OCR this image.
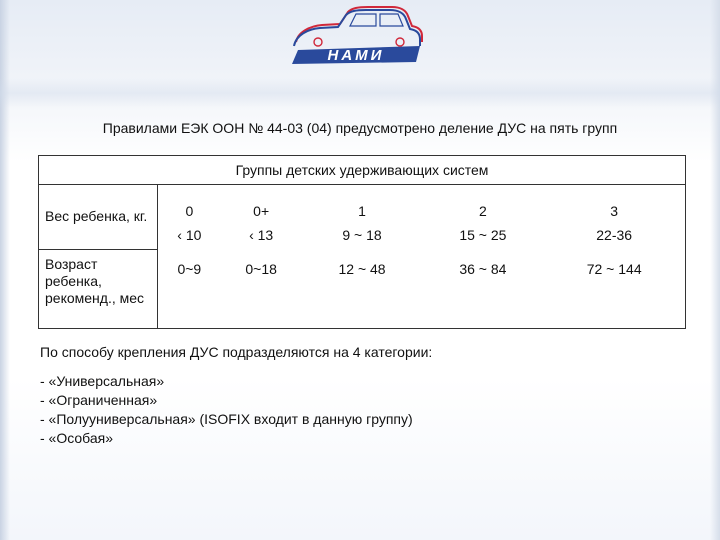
НАМИ
Правилами ЕЭК ООН № 44-03 (04) предусмотрено деление ДУС на пять групп
Группы детских удерживающих систем					
Вес ребенка, кг.	0	0+	1	2	3
	‹ 10	‹ 13	9 ~ 18	15 ~ 25	22-36
Возраст ребенка, рекоменд., мес	0~9	0~18	12 ~ 48	36 ~ 84	72 ~ 144
По способу крепления ДУС подразделяются на 4 категории:
- «Универсальная»
- «Ограниченная»
- «Полууниверсальная» (ISOFIX входит в данную группу)
- «Особая»
